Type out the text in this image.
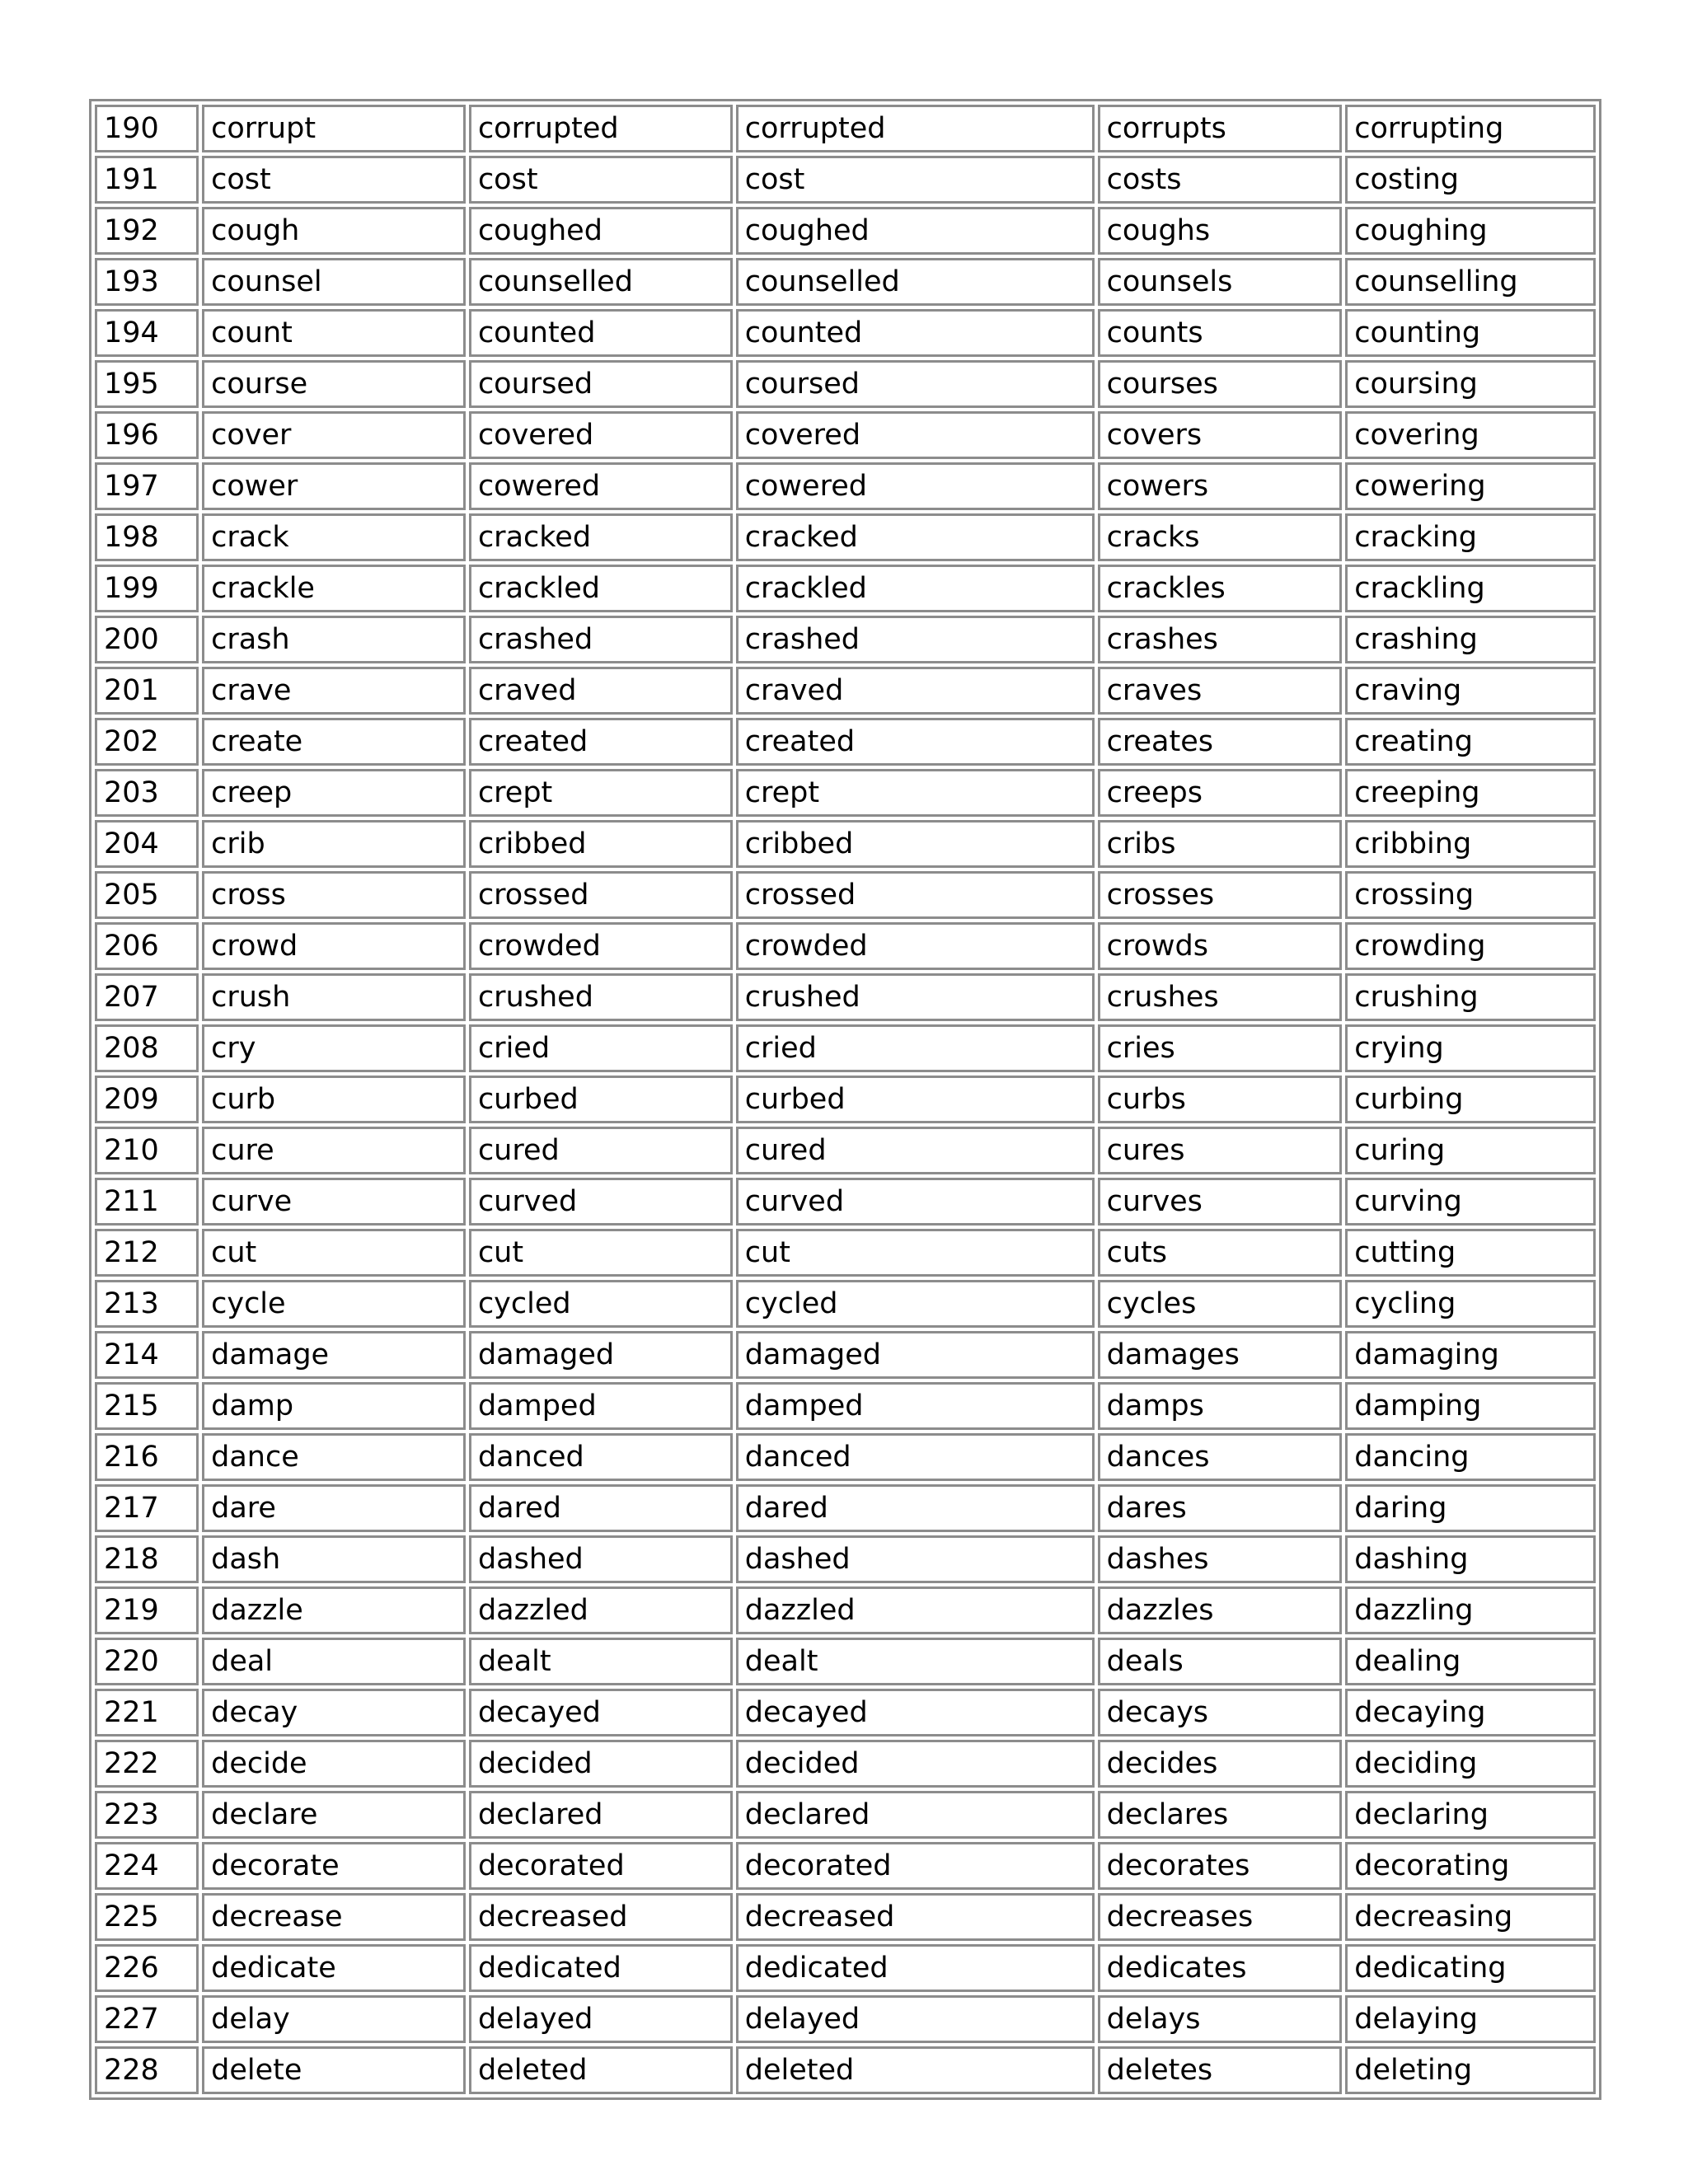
190	corrupt	corrupted	corrupted	corrupts	corrupting
191	cost	cost	cost	costs	costing
192	cough	coughed	coughed	coughs	coughing
193	counsel	counselled	counselled	counsels	counselling
194	count	counted	counted	counts	counting
195	course	coursed	coursed	courses	coursing
196	cover	covered	covered	covers	covering
197	cower	cowered	cowered	cowers	cowering
198	crack	cracked	cracked	cracks	cracking
199	crackle	crackled	crackled	crackles	crackling
200	crash	crashed	crashed	crashes	crashing
201	crave	craved	craved	craves	craving
202	create	created	created	creates	creating
203	creep	crept	crept	creeps	creeping
204	crib	cribbed	cribbed	cribs	cribbing
205	cross	crossed	crossed	crosses	crossing
206	crowd	crowded	crowded	crowds	crowding
207	crush	crushed	crushed	crushes	crushing
208	cry	cried	cried	cries	crying
209	curb	curbed	curbed	curbs	curbing
210	cure	cured	cured	cures	curing
211	curve	curved	curved	curves	curving
212	cut	cut	cut	cuts	cutting
213	cycle	cycled	cycled	cycles	cycling
214	damage	damaged	damaged	damages	damaging
215	damp	damped	damped	damps	damping
216	dance	danced	danced	dances	dancing
217	dare	dared	dared	dares	daring
218	dash	dashed	dashed	dashes	dashing
219	dazzle	dazzled	dazzled	dazzles	dazzling
220	deal	dealt	dealt	deals	dealing
221	decay	decayed	decayed	decays	decaying
222	decide	decided	decided	decides	deciding
223	declare	declared	declared	declares	declaring
224	decorate	decorated	decorated	decorates	decorating
225	decrease	decreased	decreased	decreases	decreasing
226	dedicate	dedicated	dedicated	dedicates	dedicating
227	delay	delayed	delayed	delays	delaying
228	delete	deleted	deleted	deletes	deleting
